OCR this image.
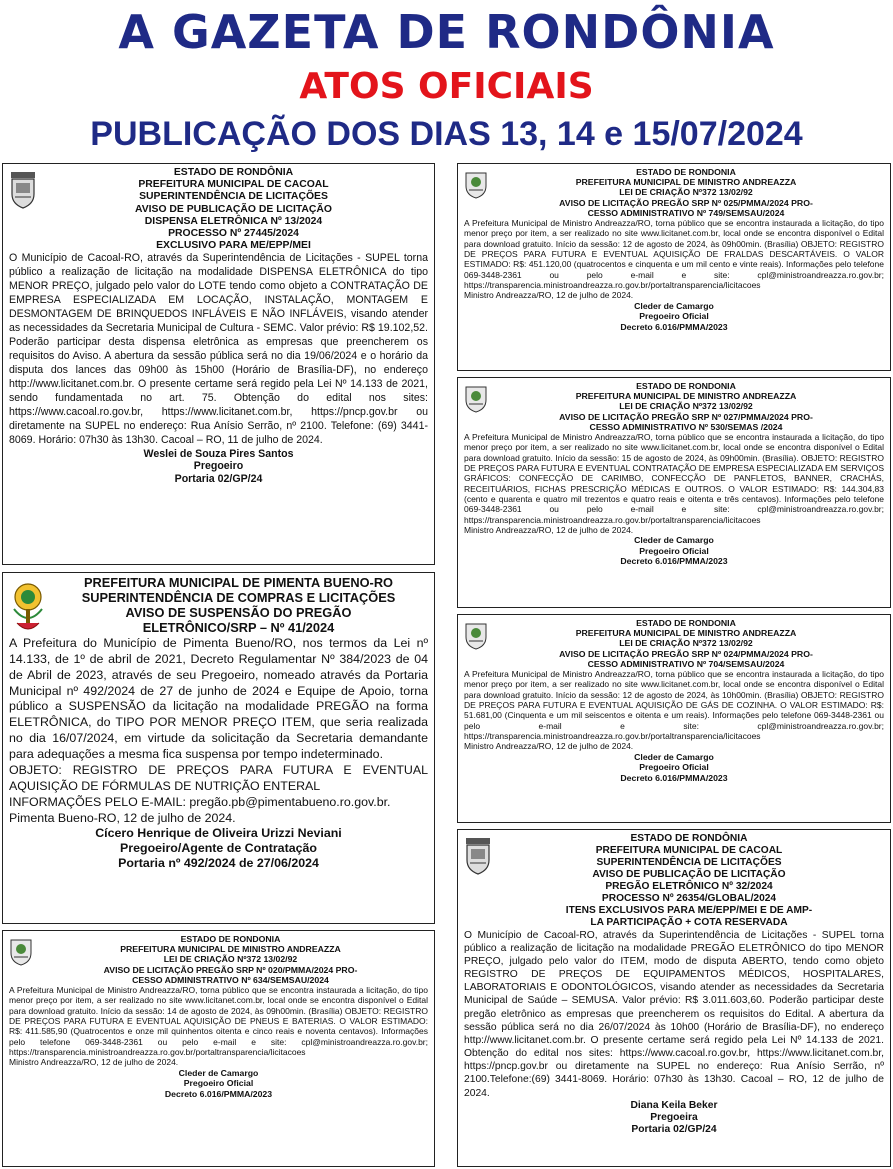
A GAZETA DE RONDÔNIA
ATOS OFICIAIS
PUBLICAÇÃO DOS DIAS 13, 14 e 15/07/2024
ESTADO DE RONDÔNIA
PREFEITURA MUNICIPAL DE CACOAL
SUPERINTENDÊNCIA DE LICITAÇÕES
AVISO DE PUBLICAÇÃO DE LICITAÇÃO
DISPENSA ELETRÔNICA Nº 13/2024
PROCESSO Nº 27445/2024
EXCLUSIVO PARA ME/EPP/MEI
O Município de Cacoal-RO, através da Superintendência de Licitações - SUPEL torna público a realização de licitação na modalidade DISPENSA ELETRÔNICA do tipo MENOR PREÇO, julgado pelo valor do LOTE tendo como objeto a CONTRATAÇÃO DE EMPRESA ESPECIALIZADA EM LOCAÇÃO, INSTALAÇÃO, MONTAGEM E DESMONTAGEM DE BRINQUEDOS INFLÁVEIS E NÃO INFLÁVEIS, visando atender as necessidades da Secretaria Municipal de Cultura - SEMC. Valor prévio: R$ 19.102,52. Poderão participar desta dispensa eletrônica as empresas que preencherem os requisitos do Aviso. A abertura da sessão pública será no dia 19/06/2024 e o horário da disputa dos lances das 09h00 às 15h00 (Horário de Brasília-DF), no endereço http://www.licitanet.com.br. O presente certame será regido pela Lei Nº 14.133 de 2021, sendo fundamentada no art. 75. Obtenção do edital nos sites: https://www.cacoal.ro.gov.br, https://www.licitanet.com.br, https://pncp.gov.br ou diretamente na SUPEL no endereço: Rua Anísio Serrão, nº 2100. Telefone: (69) 3441-8069. Horário: 07h30 às 13h30. Cacoal – RO, 11 de julho de 2024.
Weslei de Souza Pires Santos
Pregoeiro
Portaria 02/GP/24
PREFEITURA MUNICIPAL DE PIMENTA BUENO-RO
SUPERINTENDÊNCIA DE COMPRAS E LICITAÇÕES
AVISO DE SUSPENSÃO DO PREGÃO
ELETRÔNICO/SRP – Nº 41/2024
A Prefeitura do Município de Pimenta Bueno/RO, nos termos da Lei nº 14.133, de 1º de abril de 2021, Decreto Regulamentar Nº 384/2023 de 04 de Abril de 2023, através de seu Pregoeiro, nomeado através da Portaria Municipal nº 492/2024 de 27 de junho de 2024 e Equipe de Apoio, torna público a SUSPENSÃO da licitação na modalidade PREGÃO na forma ELETRÔNICA, do TIPO POR MENOR PREÇO ITEM, que seria realizada no dia 16/07/2024, em virtude da solicitação da Secretaria demandante para adequações a mesma fica suspensa por tempo indeterminado.
OBJETO: REGISTRO DE PREÇOS PARA FUTURA E EVENTUAL AQUISIÇÃO DE FÓRMULAS DE NUTRIÇÃO ENTERAL
INFORMAÇÕES PELO E-MAIL: pregão.pb@pimentabueno.ro.gov.br.
Pimenta Bueno-RO, 12 de julho de 2024.
Cícero Henrique de Oliveira Urizzi Neviani
Pregoeiro/Agente de Contratação
Portaria nº 492/2024 de 27/06/2024
ESTADO DE RONDONIA
PREFEITURA MUNICIPAL DE MINISTRO ANDREAZZA
LEI DE CRIAÇÃO Nº372 13/02/92
AVISO DE LICITAÇÃO PREGÃO SRP Nº 020/PMMA/2024 PRO-
CESSO ADMINISTRATIVO Nº 634/SEMSAU/2024
A Prefeitura Municipal de Ministro Andreazza/RO, torna público que se encontra instaurada a licitação, do tipo menor preço por item, a ser realizado no site www.licitanet.com.br, local onde se encontra disponível o Edital para download gratuito. Início da sessão: 14 de agosto de 2024, às 09h00min. (Brasília) OBJETO: REGISTRO DE PREÇOS PARA FUTURA E EVENTUAL AQUISIÇÃO DE PNEUS E BATERIAS. O VALOR ESTIMADO: R$: 411.585,90 (Quatrocentos e onze mil quinhentos oitenta e cinco reais e noventa centavos). Informações pelo telefone 069-3448-2361 ou pelo e-mail e site: cpl@ministroandreazza.ro.gov.br; https://transparencia.ministroandreazza.ro.gov.br/portaltransparencia/licitacoes
Ministro Andreazza/RO, 12 de julho de 2024.
Cleder de Camargo
Pregoeiro Oficial
Decreto 6.016/PMMA/2023
ESTADO DE RONDONIA
PREFEITURA MUNICIPAL DE MINISTRO ANDREAZZA
LEI DE CRIAÇÃO Nº372 13/02/92
AVISO DE LICITAÇÃO PREGÃO SRP Nº 025/PMMA/2024 PRO-
CESSO ADMINISTRATIVO Nº 749/SEMSAU/2024
A Prefeitura Municipal de Ministro Andreazza/RO, torna público que se encontra instaurada a licitação, do tipo menor preço por item, a ser realizado no site www.licitanet.com.br, local onde se encontra disponível o Edital para download gratuito. Início da sessão: 12 de agosto de 2024, às 09h00min. (Brasília) OBJETO: REGISTRO DE PREÇOS PARA FUTURA E EVENTUAL AQUISIÇÃO DE FRALDAS DESCARTÁVEIS. O VALOR ESTIMADO: R$: 451.120,00 (quatrocentos e cinquenta e um mil cento e vinte reais). Informações pelo telefone 069-3448-2361 ou pelo e-mail e site: cpl@ministroandreazza.ro.gov.br; https://transparencia.ministroandreazza.ro.gov.br/portaltransparencia/licitacoes
Ministro Andreazza/RO, 12 de julho de 2024.
Cleder de Camargo
Pregoeiro Oficial
Decreto 6.016/PMMA/2023
ESTADO DE RONDONIA
PREFEITURA MUNICIPAL DE MINISTRO ANDREAZZA
LEI DE CRIAÇÃO Nº372 13/02/92
AVISO DE LICITAÇÃO PREGÃO SRP Nº 027/PMMA/2024 PRO-
CESSO ADMINISTRATIVO Nº 530/SEMAS /2024
A Prefeitura Municipal de Ministro Andreazza/RO, torna público que se encontra instaurada a licitação, do tipo menor preço por item, a ser realizado no site www.licitanet.com.br, local onde se encontra disponível o Edital para download gratuito. Início da sessão: 15 de agosto de 2024, às 09h00min. (Brasília). OBJETO: REGISTRO DE PREÇOS PARA FUTURA E EVENTUAL CONTRATAÇÃO DE EMPRESA ESPECIALIZADA EM SERVIÇOS GRÁFICOS: CONFECÇÃO DE CARIMBO, CONFECÇÃO DE PANFLETOS, BANNER, CRACHÁS, RECEITUÁRIOS, FICHAS PRESCRIÇÃO MÉDICAS E OUTROS. O VALOR ESTIMADO: R$: 144.304,83 (cento e quarenta e quatro mil trezentos e quatro reais e oitenta e três centavos). Informações pelo telefone 069-3448-2361 ou pelo e-mail e site: cpl@ministroandreazza.ro.gov.br; https://transparencia.ministroandreazza.ro.gov.br/portaltransparencia/licitacoes
Ministro Andreazza/RO, 12 de julho de 2024.
Cleder de Camargo
Pregoeiro Oficial
Decreto 6.016/PMMA/2023
ESTADO DE RONDONIA
PREFEITURA MUNICIPAL DE MINISTRO ANDREAZZA
LEI DE CRIAÇÃO Nº372 13/02/92
AVISO DE LICITAÇÃO PREGÃO SRP Nº 024/PMMA/2024 PRO-
CESSO ADMINISTRATIVO Nº 704/SEMSAU/2024
A Prefeitura Municipal de Ministro Andreazza/RO, torna público que se encontra instaurada a licitação, do tipo menor preço por item, a ser realizado no site www.licitanet.com.br, local onde se encontra disponível o Edital para download gratuito. Início da sessão: 12 de agosto de 2024, às 10h00min. (Brasília) OBJETO: REGISTRO DE PREÇOS PARA FUTURA E EVENTUAL AQUISIÇÃO DE GÁS DE COZINHA. O VALOR ESTIMADO: R$: 51.681,00 (Cinquenta e um mil seiscentos e oitenta e um reais). Informações pelo telefone 069-3448-2361 ou pelo e-mail e site: cpl@ministroandreazza.ro.gov.br; https://transparencia.ministroandreazza.ro.gov.br/portaltransparencia/licitacoes
Ministro Andreazza/RO, 12 de julho de 2024.
Cleder de Camargo
Pregoeiro Oficial
Decreto 6.016/PMMA/2023
ESTADO DE RONDÔNIA
PREFEITURA MUNICIPAL DE CACOAL
SUPERINTENDÊNCIA DE LICITAÇÕES
AVISO DE PUBLICAÇÃO DE LICITAÇÃO
PREGÃO ELETRÔNICO Nº 32/2024
PROCESSO Nº 26354/GLOBAL/2024
ITENS EXCLUSIVOS PARA ME/EPP/MEI E DE AMP-
LA PARTICIPAÇÃO + COTA RESERVADA
O Município de Cacoal-RO, através da Superintendência de Licitações - SUPEL torna público a realização de licitação na modalidade PREGÃO ELETRÔNICO do tipo MENOR PREÇO, julgado pelo valor do ITEM, modo de disputa ABERTO, tendo como objeto REGISTRO DE PREÇOS DE EQUIPAMENTOS MÉDICOS, HOSPITALARES, LABORATORIAIS E ODONTOLÓGICOS, visando atender as necessidades da Secretaria Municipal de Saúde – SEMUSA. Valor prévio: R$ 3.011.603,60. Poderão participar deste pregão eletrônico as empresas que preencherem os requisitos do Edital. A abertura da sessão pública será no dia 26/07/2024 às 10h00 (Horário de Brasília-DF), no endereço http://www.licitanet.com.br. O presente certame será regido pela Lei Nº 14.133 de 2021. Obtenção do edital nos sites: https://www.cacoal.ro.gov.br, https://www.licitanet.com.br, https://pncp.gov.br ou diretamente na SUPEL no endereço: Rua Anísio Serrão, nº 2100.Telefone:(69) 3441-8069. Horário: 07h30 às 13h30. Cacoal – RO, 12 de julho de 2024.
Diana Keila Beker
Pregoeira
Portaria 02/GP/24
